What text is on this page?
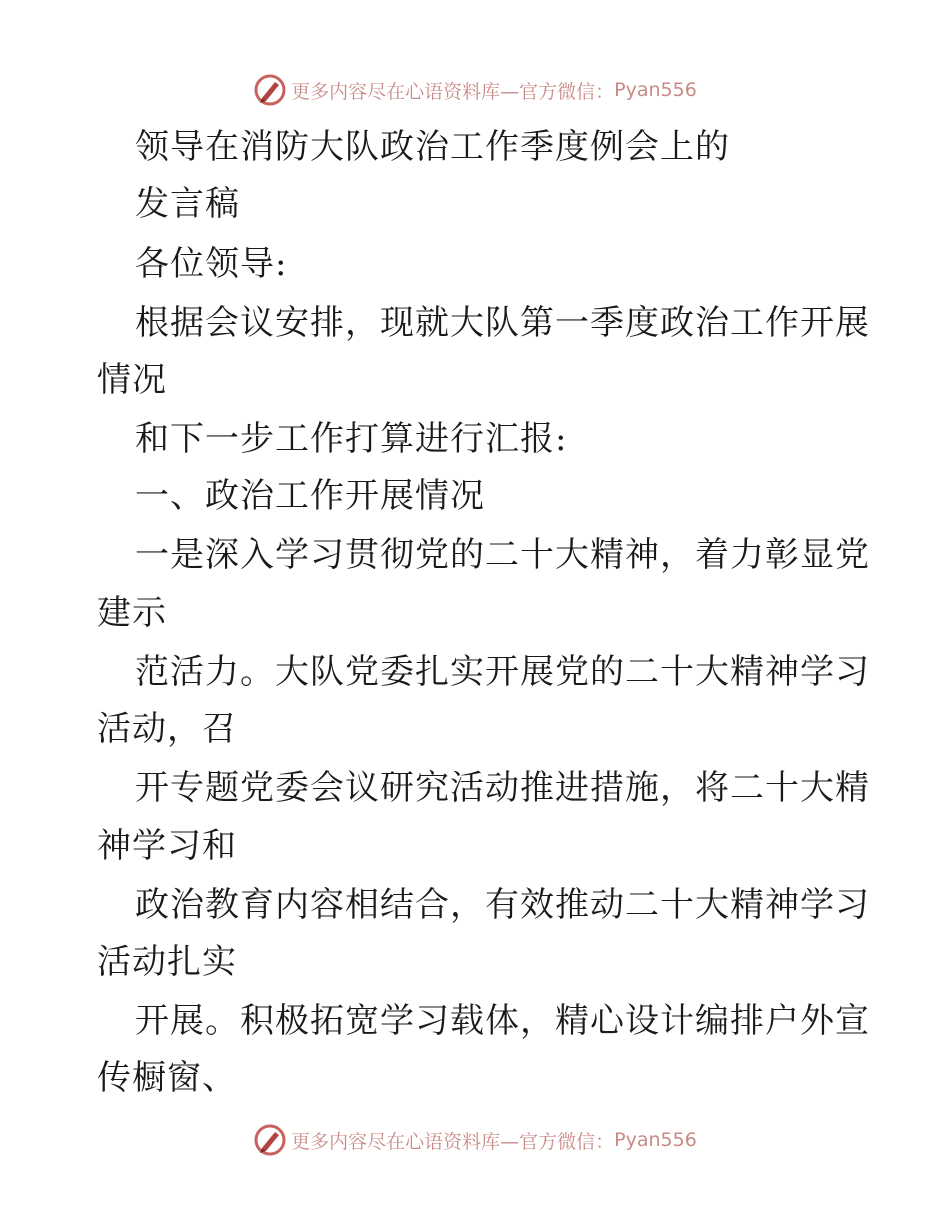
更多内容尽在心语资料库—官方微信： Pyan556
领导在消防大队政治工作季度例会上的
发言稿
各位领导:
根据会议安排，现就大队第一季度政治工作开展
情况
和下一步工作打算进行汇报:
一、政治工作开展情况
一是深入学习贯彻党的二十大精神，着力彰显党
建示
范活力。大队党委扎实开展党的二十大精神学习
活动，召
开专题党委会议研究活动推进措施，将二十大精
神学习和
政治教育内容相结合，有效推动二十大精神学习
活动扎实
开展。积极拓宽学习载体，精心设计编排户外宣
传橱窗、
更多内容尽在心语资料库—官方微信： Pyan556
